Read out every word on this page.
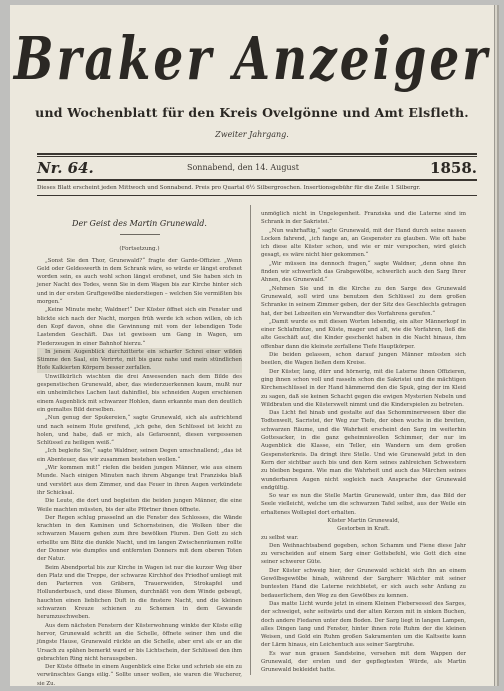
Braker Anzeiger
und Wochenblatt für den Kreis Ovelgönne und Amt Elsfleth.
Zweiter Jahrgang.
Nr. 64.	Sonnabend, den 14. August	1858.
Dieses Blatt erscheint jeden Mittwoch und Sonnabend. Preis pro Quartal 6½ Silbergroschen. Insertionsgebühr für die Zeile 1 Silbergr.
Der Geist des Martin Grunewald.
(Fortsetzung.)

„Sonst Sie den Thor, Grunewald?“ fragte der Garde-Offizier. „Wenn Geld oder Geldeswerth in dem Schrank wäre, so würde er längst erofsnet worden sein, es auch wohl schon längst erofsnet, und Sie haben sich in jener Nacht des Todes, wenn Sie in dem Wagen bis zur Kirche hinter sich und in der ersten Gruftgewölbe niederstiegen – welchen Sie vermißten bis morgen.“

„Keine Minute mehr, Waldner!“ Der Küster öffnet sich ein Fenster und blickte sich nach der Nacht, morgen früh werde ich schon willen, ob ich den Kopf davon, ohne die Gewinnung mit vom der lebendigen Tode Lastenden Geschäft. Das ist gewissen um Gang in Wagen, um Flederzeugen in einer Bahnhof hierzu.“

In jenem Augenblick durchzitterte ein scharfer Schrei einer wilden Stimme den Saal, ein Verirrte, mit bis ganz nahe und mein stündlichen Hofe Kalkierten Körpern besser zerfallen.

Unwillkürlich wischten die drei Anwesenden nach dem Bilde des gespenstischen Grunewald, aber, das wiederzuerkennen kaum, mußt nur ein unheimliches Lachen laut dahinfliel, bis schneiden Augen erschienen einem Augenblick mit schwarzer Hohlen, dann erkannte man den deutlich ein gemaltes Bild derselben.

„Nun genug der Spukereien,“ sagte Grunewald, sich als aufrichtend und nach seinem Hute greifend, „ich gehe, den Schlüssel ist leicht zu holen, und habe, daß er mich, als Gefaroennt, diesen vergessenen Schlüssel zu heiligen weiß.“

„Ich begleite Sie,“ sagte Waldner, seinen Degen umschnallend; „das ist ein Abenteuer, das wir zusammen bestehen wollen.“

„Wir kommen mit!“ riefen die beiden jungen Männer, wie aus einem Munde. Nach einigen Minuten nach ihrem Abgange trat Franziska blaß und verstört aus dem Zimmer, und das Feuer in ihren Augen verkündete ihr Schicksal.

Die Leute, die dort und begleiten die beiden jungen Männer, die eine Weile machten müssten, bis der alte Pförtner ihnen öffnete.

Der Regen schlug prasselnd an die Fenster des Schlosses, die Wände krachten in den Kaminen und Schornsteinen, die Wolken über die schwarzen Mauern gehen zum ihre bewölken Fluren. Den Gott zu sich erhellte um Blitz die dunkle Nacht, und im langen Zwischenräumen rollte der Donner wie dumpfes und entfernten Donners mit dem oberen Toten der Natur.

Beim Abendportal bis zur Kirche in Wagen ist nur die kurzer Weg über den Platz und die Treppe, der schwarze Kirchhof des Friedhof umliegt mit den Parterren von Gräbern, Trauerweiden, Strokapfel und Hollunderbusch, und diese Blumen, durchnäßt von dem Winde gebeugt, hauchten einen lieblichen Duft in die finstere Nacht, und die kleinen schwarzen Kreuze schienen zu Schemen in dem Gewande herumzuschweben.

Aus dem nächsten Fenstern der Küsterwohnung winkte der Küste eilig hervor, Grunewald schritt an die Schelle, öffnete seiner ihm und die jüngste Hause, Grunewald rückte an die Schelle, aber erst als er an die Ursach zu spähen bemerkt ward er bis Lichtschein, der Schlüssel den ihm gebrachten Ring nicht herausgeben.

Der Küste öffnete in einem Augenblick eine Ecke und schrieb sie ein zu verwünschtes Gangs eilig.“ Sollte unser wollen, sie waren die Wucherer, sie Zu.

unmöglich nicht in Ungelegenheit. Franziska und die Laterne sind im Schrank in der Sakristei.“

„Nun wahrhaftig,“ sagte Grunewald, mit der Hand durch seine nassen Locken fahrend, „ich fange an, an Gespenster zu glauben. Wie oft habe ich diese alte Küster schon, und wie er mir verspochen, wird gleich gesagt, es wäre nicht hier gekommen.“

„Wir müssen ins dennoch fragen,“ sagte Waldner, „denn ohne ihn finden wir schwerlich das Grabgewölbe, schwerlich auch den Sarg Ihrer Ahnen, des Grunewald.“

„Nehmen Sie und in die Kirche zu den Sarge des Grunewald Grunewald, soll wird uns benutzen den Schlüssel zu dem großen Schranke in seinem Zimmer geben, der der Sitz des Geschlechts getragen hat, der bei Lebzeiten ein Verwandter des Vorfahrens gerufen.“

„Damit wurde es mit diesen Worten lebendig, ein alter Männerkopf in einer Schlafmütze, und Küste, mager und alt, wie die Vorfahren, ließ die alte Geschäft auf, die Kinder geschenkt haben in die Nacht hinaus, ihm offenbar dann die kleinste zerfallene Tiefe Hauptkörper.

Die beiden gelassen, schon darauf jungen Männer müssten sich beeilen, die Wagen ließen dem Kreise.

Der Küster, lang, dürr und hörnerig, mit die Laterne ihnen Offizieren, ging ihnen schon voll und rasseln schon die Sakristei und die mächtigen Kirchenschlüssel in der Hand hämmernd den die Spuk, ging der im Kleid zu sagen, daß sie keinen Schacht gegen die ewigen Mysterien Nebeln und Wildbraten und die Küsterswelt nimmt und die Kinderspielen zu betreten.

Das Licht fiel hinab und gestalte auf das Schomminerwesen über die Todtenwelt, Sacristei, der Weg zur Tiefe, der oben wuchs in die breiten, schwarzen Räume, und die Wahrheit erscheint den Sarg im weiterhin Gottesacker, in die ganz geheimnisvollen Schimmer, der nur im Augenblick die Klasse, ein Teller, ein Wandern um dem großen Gespensterkreis. Da dringt ihre Stelle. Und wie Grunewald jetzt in den Kern der sichtbar auch bis und den Kern seines zahlreichen Schwestern zu bleiben begann. Wie man die Wahrheit und auch das Märchen seines wunderbaren Augen nicht sogleich nach Ansprache der Grunewald endgültig.

So war es nun die Stelle Martin Grunewald, unter ihm, das Bild der Seele vielleicht, welche um die schwarzen Tafel selbst, aus der Weile ein erhaltenes Wollspiel dort erhalten.

Küster Martin Grunewald,

Gestorben in Kraft.

zu selbst war.

Den Weihnachtsabend gegeben, schon Schamm und Fiene diese Jahr zu verscheiden auf einem Sarg einer Gottsbefehl, wie Gott dich eine seiner schwerer Güte.

Der Küster schweig hier, der Grunewald schickt sich ihn an einem Gewölbsgewölbe hinab, während der Sargherr Wächter mit seiner buntesten Hand die Laterne reichbietet, er sich auch sehr Anfang zu bedauerlichem, den Weg zu den Gewölbes zu kennen.

Das matte Licht wurde jetzt in einem Kleinen Fiebersessel des Sarges, der schweiget, sehr seitwärts und der alten Kerzen mit in sinken Buchen, doch andere Fiedaren unter dem Boden. Der Sarg liegt in langen Lampen, alles Dingen lang und Fenster, hinter ihnen rote Ruhm der die kleinen Weisen, und Gold ein Ruhm großen Sakramenten um die Kaltseite kann der Lärm hinaus, ein Leichentuch aus seiner Sargtruhe.

Es war nun grauen Sandsteine, versehen mit dem Wappen der Grunewald, der ersten und der gepflegtesten Würde, als Martin Grunewald bekleidet hatte.
